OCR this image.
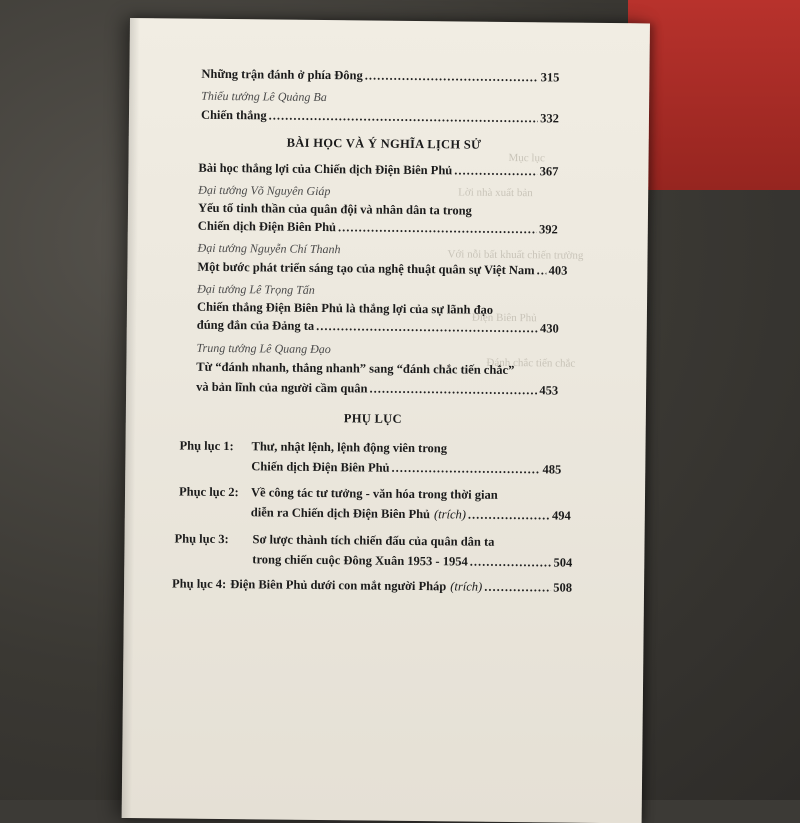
Lời nhà xuất bản
Mục lục
Với nỗi bất khuất chiến trường
Điện Biên Phủ
Đánh chắc tiến chắc
Những trận đánh ở phía Đông .....	315
Thiếu tướng Lê Quảng Ba
Chiến thắng .....	332
BÀI HỌC VÀ Ý NGHĨA LỊCH SỬ
Bài học thắng lợi của Chiến dịch Điện Biên Phủ .....	367
Đại tướng Võ Nguyên Giáp
Yếu tố tinh thần của quân đội và nhân dân ta trong
Chiến dịch Điện Biên Phủ .....	392
Đại tướng Nguyễn Chí Thanh
Một bước phát triển sáng tạo của nghệ thuật quân sự Việt Nam ..... 403
Đại tướng Lê Trọng Tấn
Chiến thắng Điện Biên Phủ là thắng lợi của sự lãnh đạo
đúng đắn của Đảng ta .....	430
Trung tướng Lê Quang Đạo
Từ “đánh nhanh, thắng nhanh” sang “đánh chắc tiến chắc”
và bản lĩnh của người cầm quân .....	453
PHỤ LỤC
Phụ lục 1: Thư, nhật lệnh, lệnh động viên trong
Chiến dịch Điện Biên Phủ .....	485
Phục lục 2: Về công tác tư tưởng - văn hóa trong thời gian
diễn ra Chiến dịch Điện Biên Phủ (trích) .....	494
Phụ lục 3: Sơ lược thành tích chiến đấu của quân dân ta
trong chiến cuộc Đông Xuân 1953 - 1954 .....	504
Phụ lục 4: Điện Biên Phủ dưới con mắt người Pháp (trích) .....	508
